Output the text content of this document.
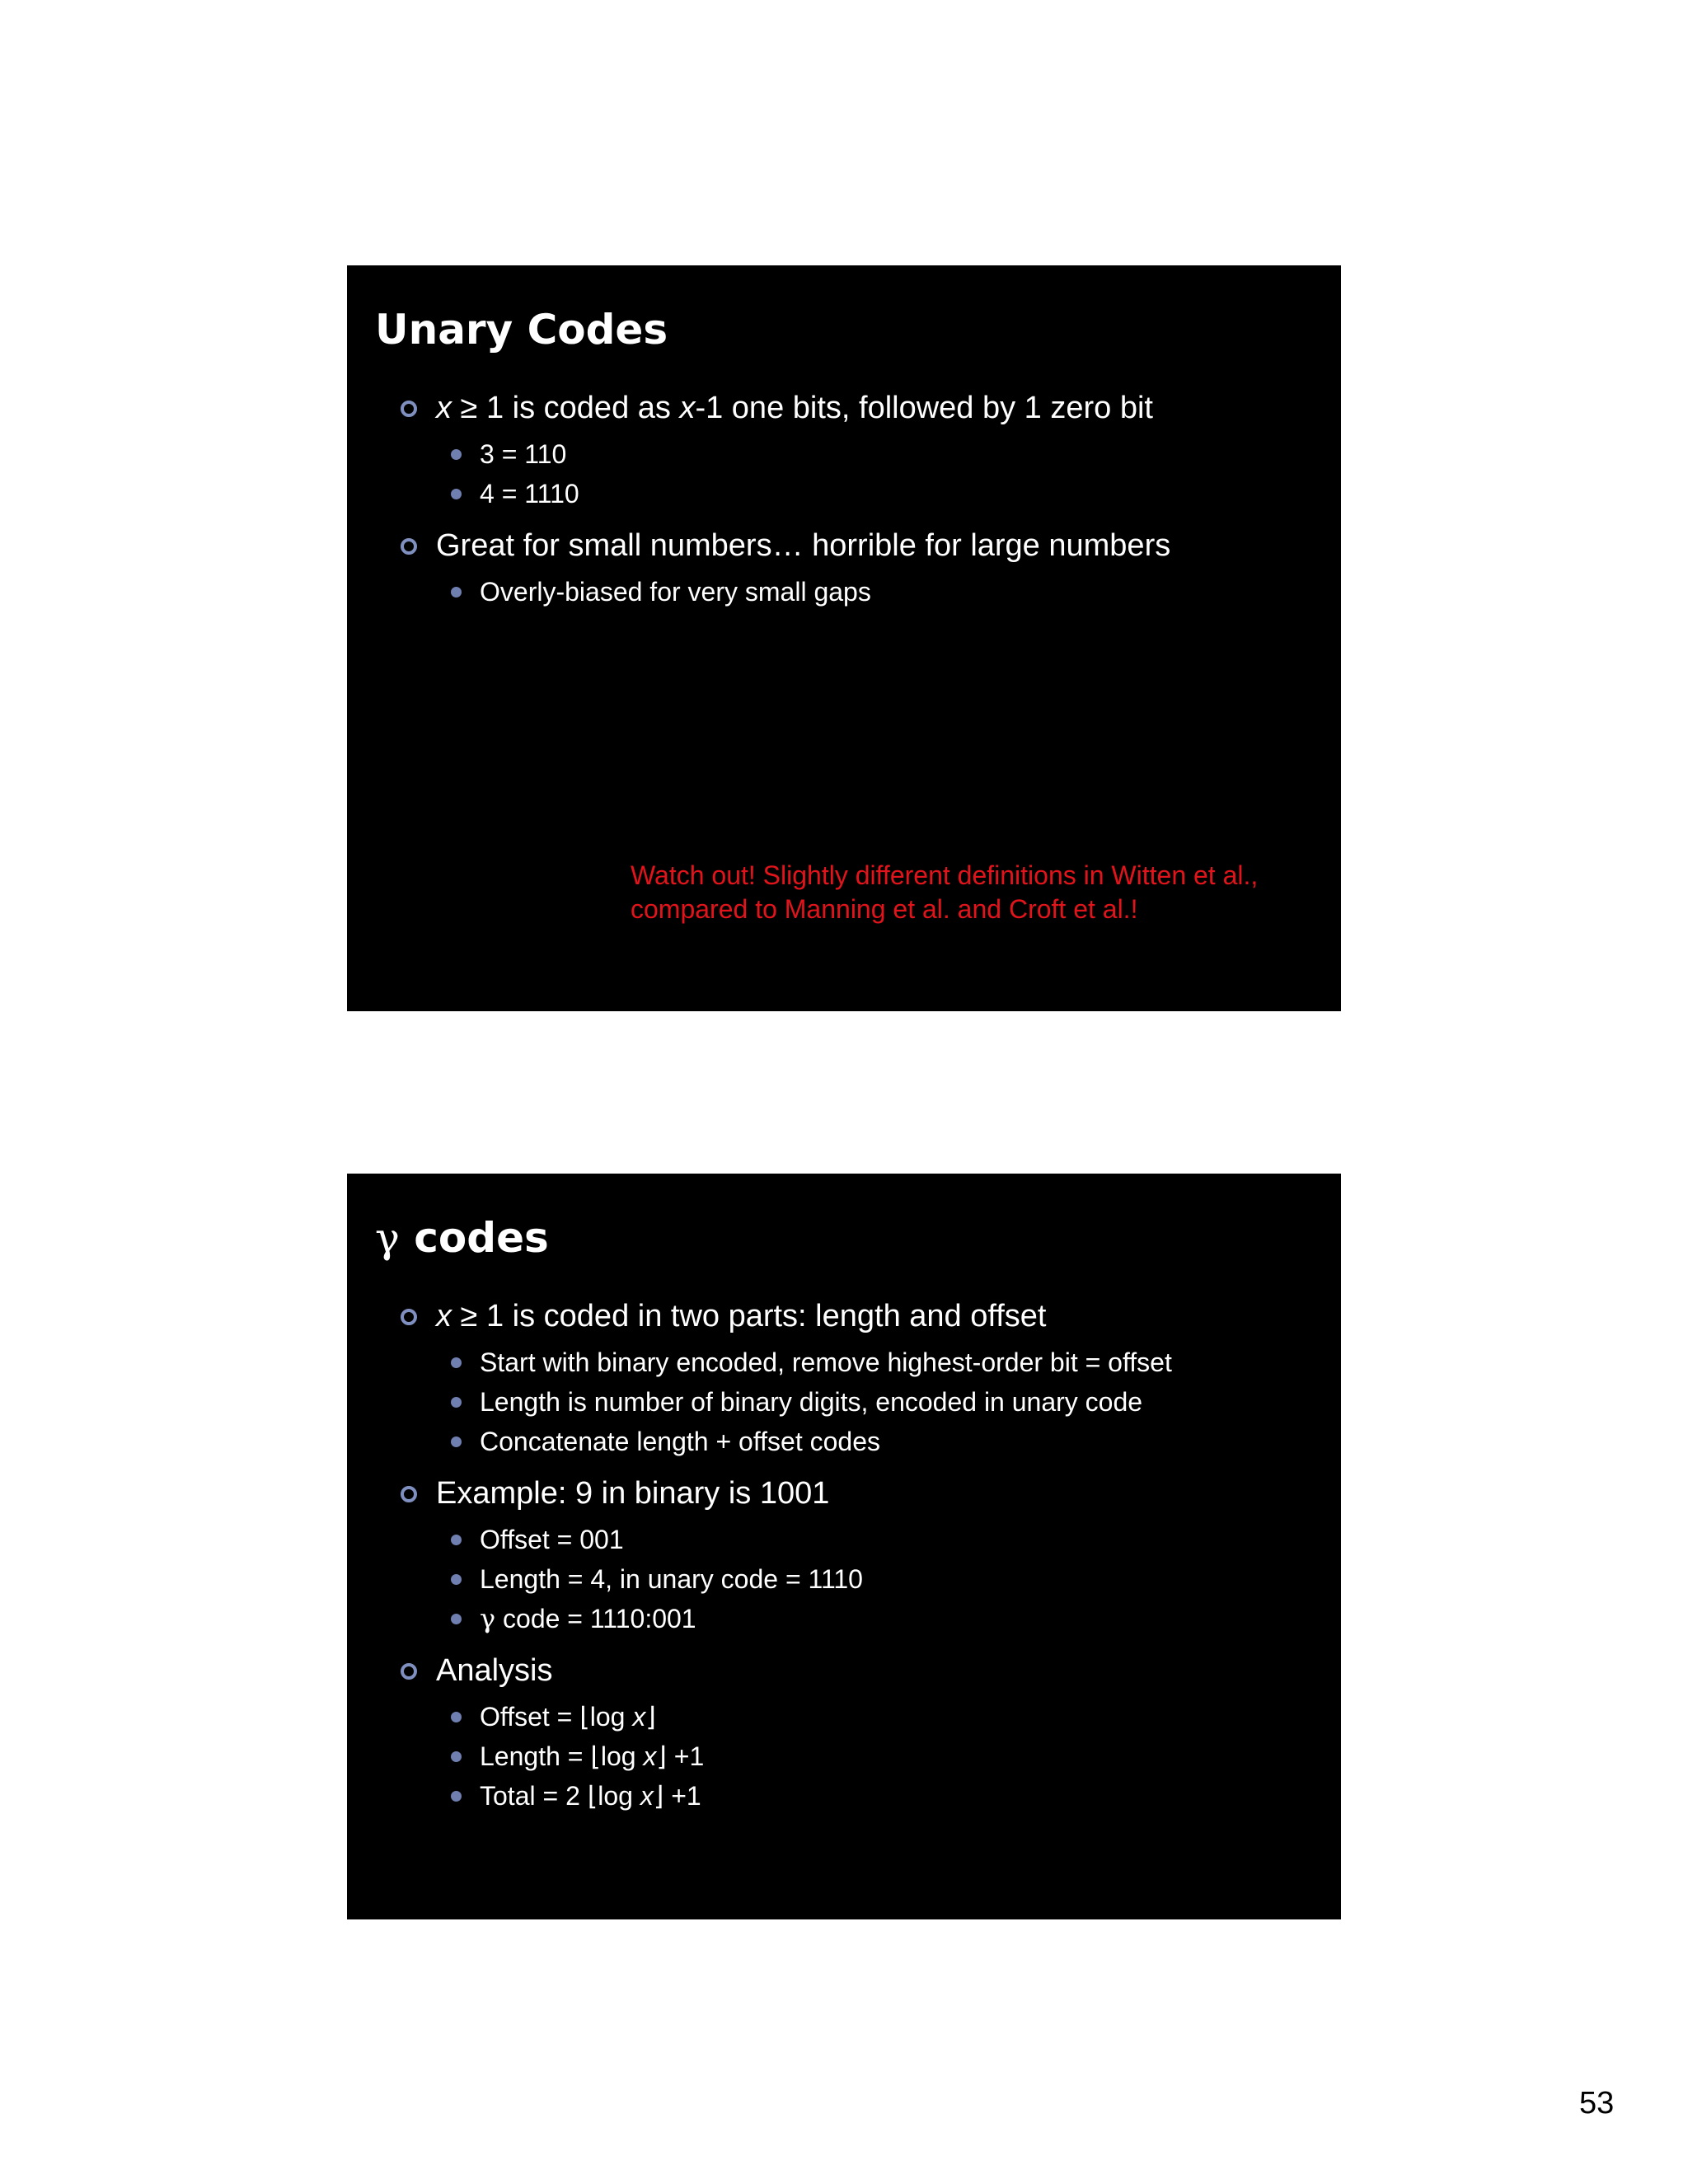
Unary Codes
x ≥ 1 is coded as x-1 one bits, followed by 1 zero bit
3 = 110
4 = 1110
Great for small numbers… horrible for large numbers
Overly-biased for very small gaps
Watch out! Slightly different definitions in Witten et al.,
compared to Manning et al. and Croft et al.!
γ codes
x ≥ 1 is coded in two parts: length and offset
Start with binary encoded, remove highest-order bit = offset
Length is number of binary digits, encoded in unary code
Concatenate length + offset codes
Example: 9 in binary is 1001
Offset = 001
Length = 4, in unary code = 1110
γ code = 1110:001
Analysis
Offset = ⌊log x⌋
Length = ⌊log x⌋ +1
Total = 2 ⌊log x⌋ +1
53
